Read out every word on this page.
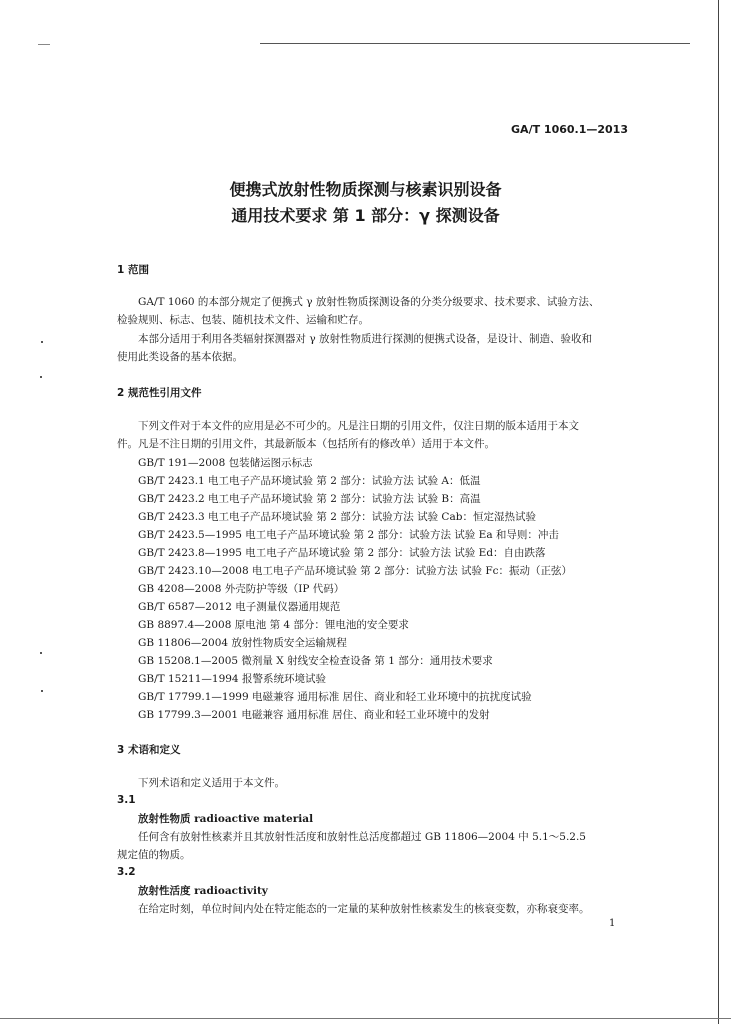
GA/T 1060.1—2013
便携式放射性物质探测与核素识别设备
通用技术要求 第 1 部分：γ 探测设备
1 范围
GA/T 1060 的本部分规定了便携式 γ 放射性物质探测设备的分类分级要求、技术要求、试验方法、
检验规则、标志、包装、随机技术文件、运输和贮存。
本部分适用于利用各类辐射探测器对 γ 放射性物质进行探测的便携式设备，是设计、制造、验收和
使用此类设备的基本依据。
2 规范性引用文件
下列文件对于本文件的应用是必不可少的。凡是注日期的引用文件，仅注日期的版本适用于本文
件。凡是不注日期的引用文件，其最新版本（包括所有的修改单）适用于本文件。
GB/T 191—2008 包装储运图示标志
GB/T 2423.1 电工电子产品环境试验 第 2 部分：试验方法 试验 A：低温
GB/T 2423.2 电工电子产品环境试验 第 2 部分：试验方法 试验 B：高温
GB/T 2423.3 电工电子产品环境试验 第 2 部分：试验方法 试验 Cab：恒定湿热试验
GB/T 2423.5—1995 电工电子产品环境试验 第 2 部分：试验方法 试验 Ea 和导则：冲击
GB/T 2423.8—1995 电工电子产品环境试验 第 2 部分：试验方法 试验 Ed：自由跌落
GB/T 2423.10—2008 电工电子产品环境试验 第 2 部分：试验方法 试验 Fc：振动（正弦）
GB 4208—2008 外壳防护等级（IP 代码）
GB/T 6587—2012 电子测量仪器通用规范
GB 8897.4—2008 原电池 第 4 部分：锂电池的安全要求
GB 11806—2004 放射性物质安全运输规程
GB 15208.1—2005 微剂量 X 射线安全检查设备 第 1 部分：通用技术要求
GB/T 15211—1994 报警系统环境试验
GB/T 17799.1—1999 电磁兼容 通用标准 居住、商业和轻工业环境中的抗扰度试验
GB 17799.3—2001 电磁兼容 通用标准 居住、商业和轻工业环境中的发射
3 术语和定义
下列术语和定义适用于本文件。
3.1
放射性物质 radioactive material
任何含有放射性核素并且其放射性活度和放射性总活度都超过 GB 11806—2004 中 5.1～5.2.5
规定值的物质。
3.2
放射性活度 radioactivity
在给定时刻，单位时间内处在特定能态的一定量的某种放射性核素发生的核衰变数，亦称衰变率。
1
